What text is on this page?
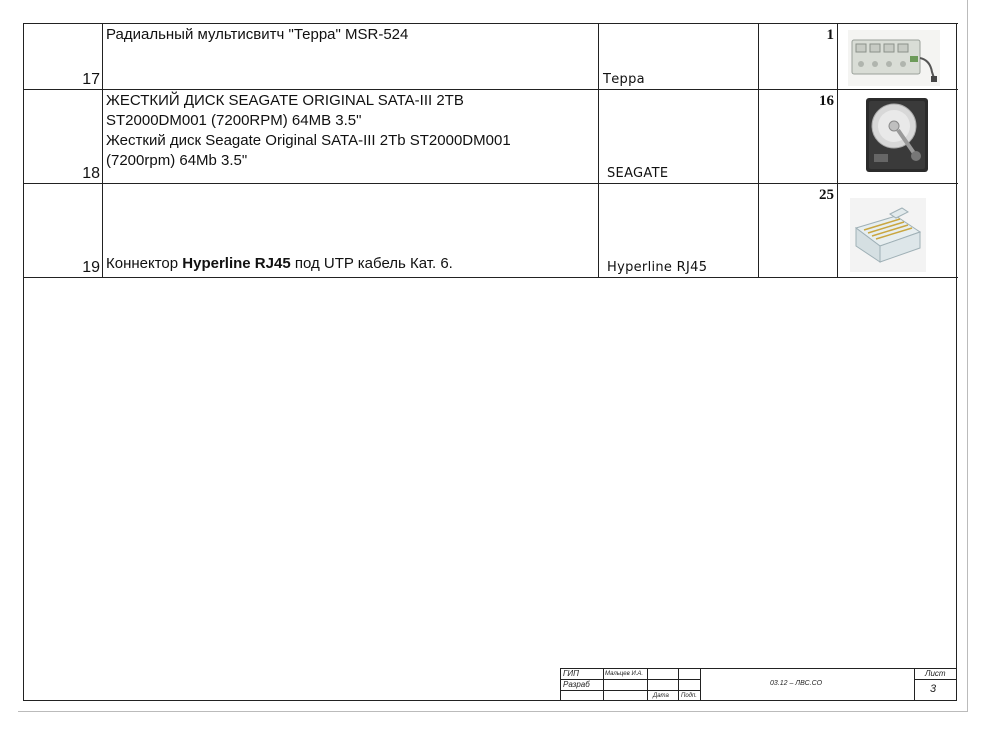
17	Радиальный мультисвитч "Терра" MSR-524	Терра	1

18	ЖЕСТКИЙ ДИСК SEAGATE ORIGINAL SATA-III 2TB
ST2000DM001 (7200RPM) 64MB 3.5"
Жесткий диск Seagate Original SATA-III 2Tb ST2000DM001
(7200rpm) 64Mb 3.5"	SEAGATE	16

19	Коннектор Hyperline RJ45 под UTP кабель Кат. 6.	Hyperline RJ45	25

ГИП
Разраб
Мальцев И.А.
Дата Подп.
03.12 – ЛВС.СО
Лист
3
